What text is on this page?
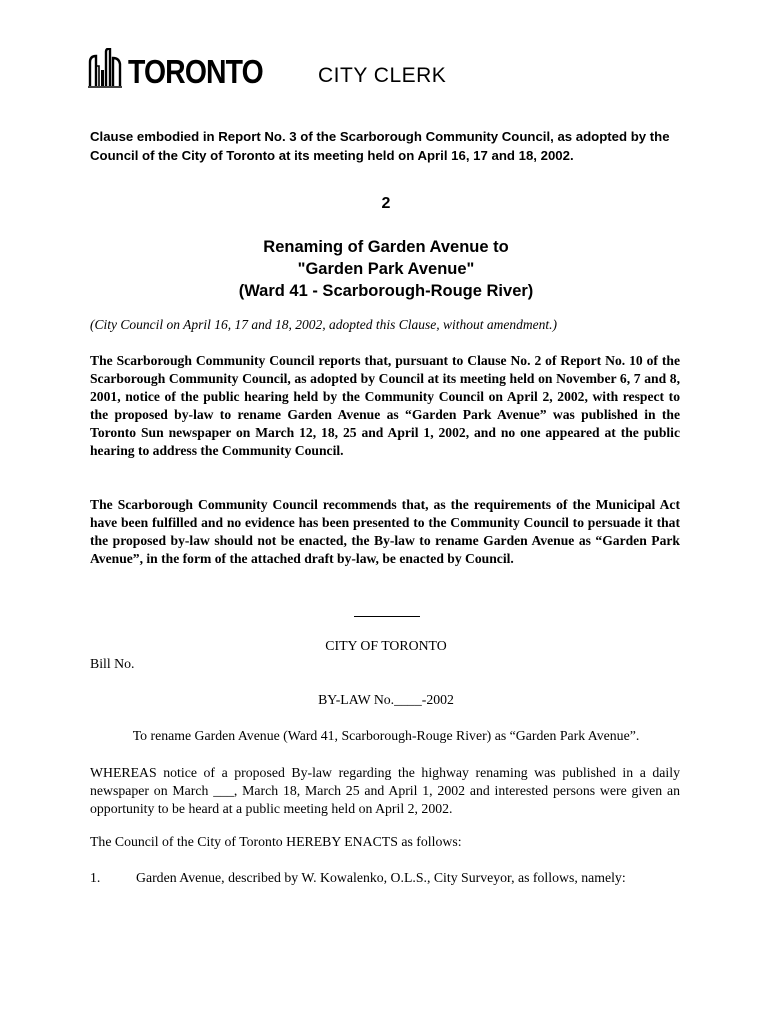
TORONTO	CITY CLERK
Clause embodied in Report No. 3 of the Scarborough Community Council, as adopted by the Council of the City of Toronto at its meeting held on April 16, 17 and 18, 2002.
2
Renaming of Garden Avenue to
"Garden Park Avenue"
(Ward 41 - Scarborough-Rouge River)
(City Council on April 16, 17 and 18, 2002, adopted this Clause, without amendment.)
The Scarborough Community Council reports that, pursuant to Clause No. 2 of Report No. 10 of the Scarborough Community Council, as adopted by Council at its meeting held on November 6, 7 and 8, 2001, notice of the public hearing held by the Community Council on April 2, 2002, with respect to the proposed by-law to rename Garden Avenue as “Garden Park Avenue” was published in the Toronto Sun newspaper on March 12, 18, 25 and April 1, 2002, and no one appeared at the public hearing to address the Community Council.
The Scarborough Community Council recommends that, as the requirements of the Municipal Act have been fulfilled and no evidence has been presented to the Community Council to persuade it that the proposed by-law should not be enacted, the By-law to rename Garden Avenue as “Garden Park Avenue”, in the form of the attached draft by-law, be enacted by Council.
CITY OF TORONTO
Bill No.
BY-LAW No.____-2002
To rename Garden Avenue (Ward 41, Scarborough-Rouge River) as “Garden Park Avenue”.
WHEREAS notice of a proposed By-law regarding the highway renaming was published in a daily newspaper on March ___, March 18, March 25 and April 1, 2002 and interested persons were given an opportunity to be heard at a public meeting held on April 2, 2002.
The Council of the City of Toronto HEREBY ENACTS as follows:
1.	Garden Avenue, described by W. Kowalenko, O.L.S., City Surveyor, as follows, namely:
